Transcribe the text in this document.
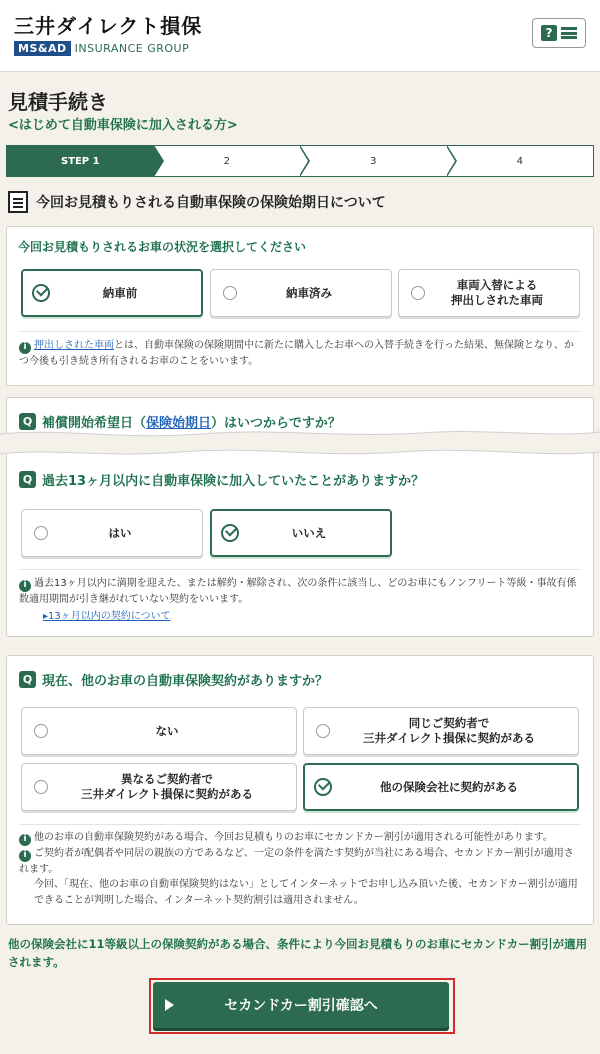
三井ダイレクト損保
MS&AD INSURANCE GROUP
?
見積手続き
<はじめて自動車保険に加入される方>
STEP 1	2	3	4
今回お見積もりされる自動車保険の保険始期日について
今回お見積もりされるお車の状況を選択してください
納車前	納車済み
車両入替による
押出しされた車両
i 押出しされた車両とは、自動車保険の保険期間中に新たに購入したお車への入替手続きを行った結果、無保険となり、かつ今後も引き続き所有されるお車のことをいいます。
Q 補償開始希望日（保険始期日）はいつからですか？
Q 過去13ヶ月以内に自動車保険に加入していたことがありますか？
はい	いいえ
i 過去13ヶ月以内に満期を迎えた、または解約・解除され、次の条件に該当し、どのお車にもノンフリート等級・事故有係数適用期間が引き継がれていない契約をいいます。
▸13ヶ月以内の契約について
Q 現在、他のお車の自動車保険契約がありますか？
ない
同じご契約者で
三井ダイレクト損保に契約がある
異なるご契約者で
三井ダイレクト損保に契約がある
他の保険会社に契約がある
i 他のお車の自動車保険契約がある場合、今回お見積もりのお車にセカンドカー割引が適用される可能性があります。
i ご契約者が配偶者や同居の親族の方であるなど、一定の条件を満たす契約が当社にある場合、セカンドカー割引が適用されます。
今回、「現在、他のお車の自動車保険契約はない」としてインターネットでお申し込み頂いた後、セカンドカー割引が適用できることが判明した場合、インターネット契約割引は適用されません。
他の保険会社に11等級以上の保険契約がある場合、条件により今回お見積もりのお車にセカンドカー割引が適用されます。
セカンドカー割引確認へ
